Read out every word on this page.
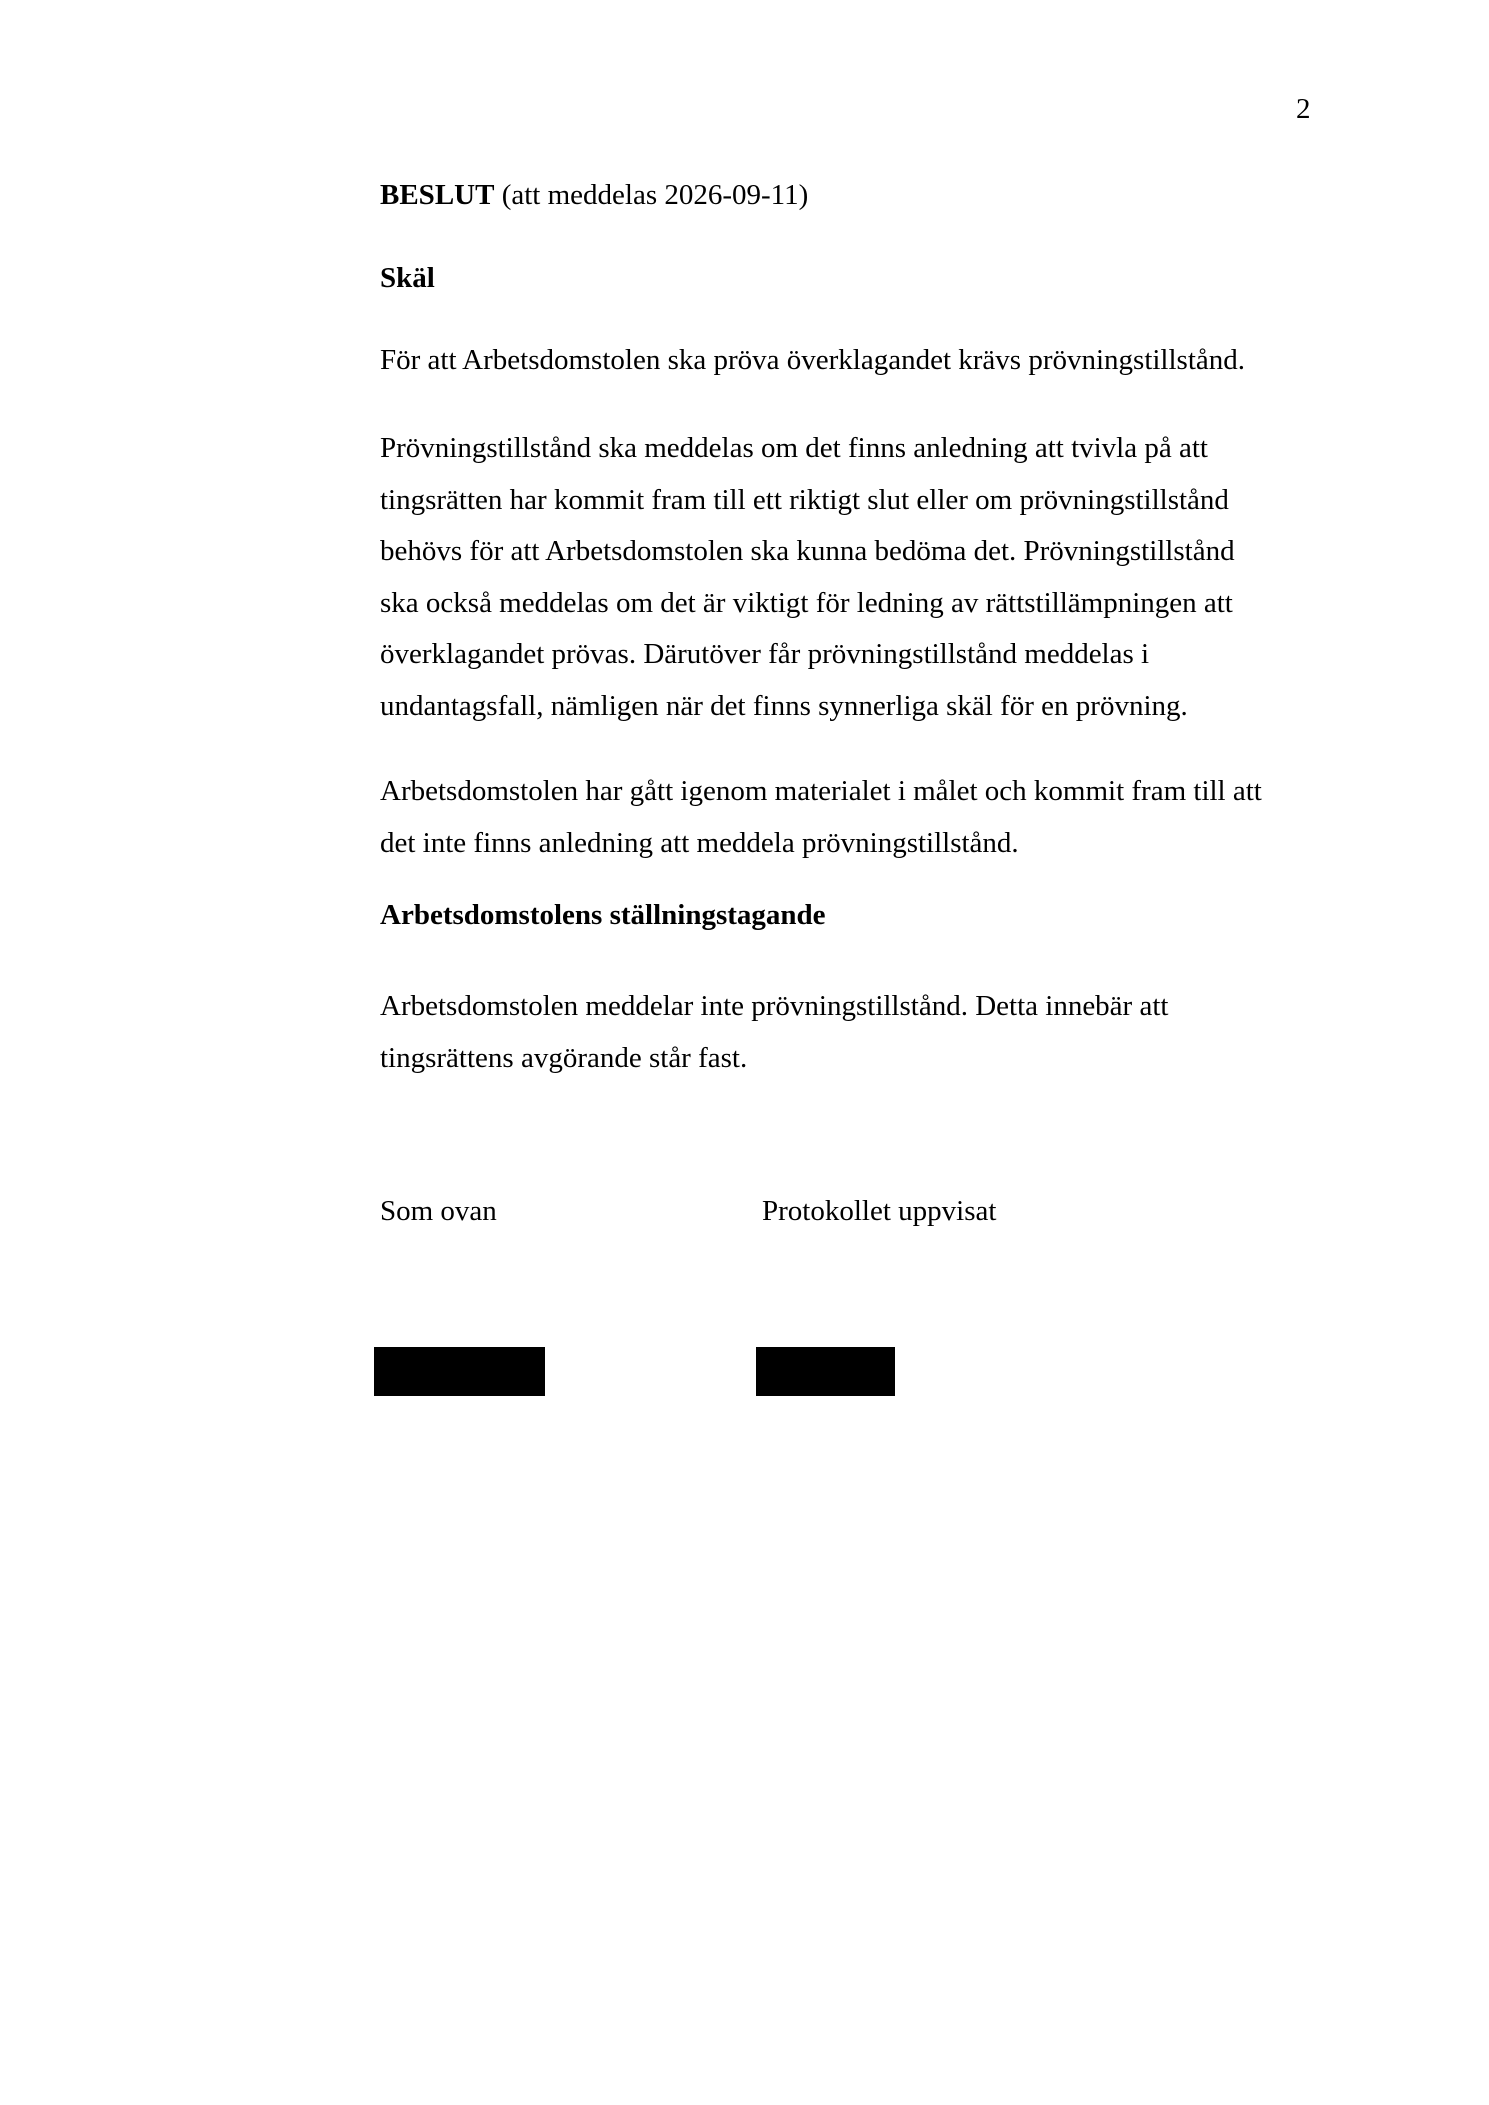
2
BESLUT (att meddelas 2026-09-11)
Skäl
För att Arbetsdomstolen ska pröva överklagandet krävs prövningstillstånd.
Prövningstillstånd ska meddelas om det finns anledning att tvivla på att
tingsrätten har kommit fram till ett riktigt slut eller om prövningstillstånd
behövs för att Arbetsdomstolen ska kunna bedöma det. Prövningstillstånd
ska också meddelas om det är viktigt för ledning av rättstillämpningen att
överklagandet prövas. Därutöver får prövningstillstånd meddelas i
undantagsfall, nämligen när det finns synnerliga skäl för en prövning.
Arbetsdomstolen har gått igenom materialet i målet och kommit fram till att
det inte finns anledning att meddela prövningstillstånd.
Arbetsdomstolens ställningstagande
Arbetsdomstolen meddelar inte prövningstillstånd. Detta innebär att
tingsrättens avgörande står fast.
Som ovan	Protokollet uppvisat
